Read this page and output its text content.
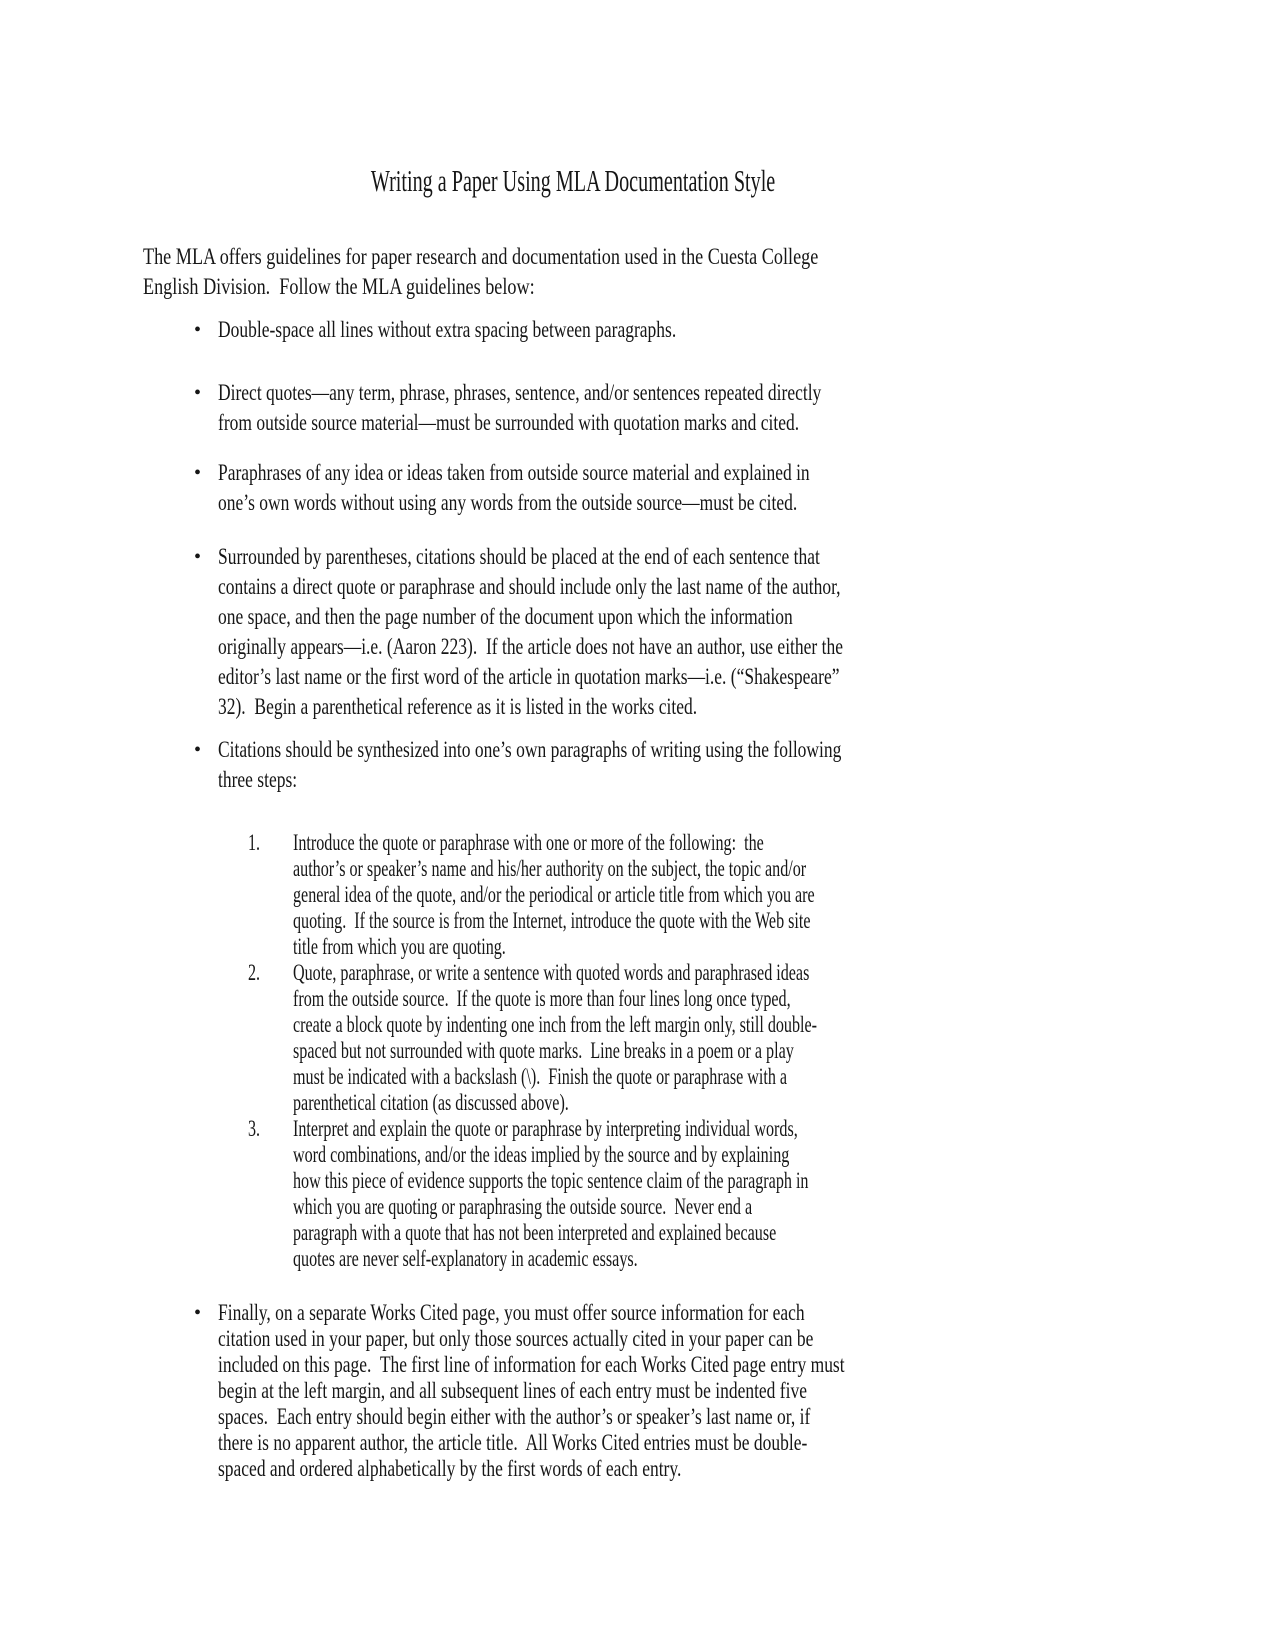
Writing a Paper Using MLA Documentation Style
The MLA offers guidelines for paper research and documentation used in the Cuesta College
English Division.  Follow the MLA guidelines below:
• Double-space all lines without extra spacing between paragraphs.
• Direct quotes—any term, phrase, phrases, sentence, and/or sentences repeated directly
from outside source material—must be surrounded with quotation marks and cited.
• Paraphrases of any idea or ideas taken from outside source material and explained in
one’s own words without using any words from the outside source—must be cited.
• Surrounded by parentheses, citations should be placed at the end of each sentence that
contains a direct quote or paraphrase and should include only the last name of the author,
one space, and then the page number of the document upon which the information
originally appears—i.e. (Aaron 223).  If the article does not have an author, use either the
editor’s last name or the first word of the article in quotation marks—i.e. (“Shakespeare”
32).  Begin a parenthetical reference as it is listed in the works cited.
• Citations should be synthesized into one’s own paragraphs of writing using the following
three steps:
1. Introduce the quote or paraphrase with one or more of the following:  the
author’s or speaker’s name and his/her authority on the subject, the topic and/or
general idea of the quote, and/or the periodical or article title from which you are
quoting.  If the source is from the Internet, introduce the quote with the Web site
title from which you are quoting.
2. Quote, paraphrase, or write a sentence with quoted words and paraphrased ideas
from the outside source.  If the quote is more than four lines long once typed,
create a block quote by indenting one inch from the left margin only, still double-
spaced but not surrounded with quote marks.  Line breaks in a poem or a play
must be indicated with a backslash (\).  Finish the quote or paraphrase with a
parenthetical citation (as discussed above).
3. Interpret and explain the quote or paraphrase by interpreting individual words,
word combinations, and/or the ideas implied by the source and by explaining
how this piece of evidence supports the topic sentence claim of the paragraph in
which you are quoting or paraphrasing the outside source.  Never end a
paragraph with a quote that has not been interpreted and explained because
quotes are never self-explanatory in academic essays.
• Finally, on a separate Works Cited page, you must offer source information for each
citation used in your paper, but only those sources actually cited in your paper can be
included on this page.  The first line of information for each Works Cited page entry must
begin at the left margin, and all subsequent lines of each entry must be indented five
spaces.  Each entry should begin either with the author’s or speaker’s last name or, if
there is no apparent author, the article title.  All Works Cited entries must be double-
spaced and ordered alphabetically by the first words of each entry.
